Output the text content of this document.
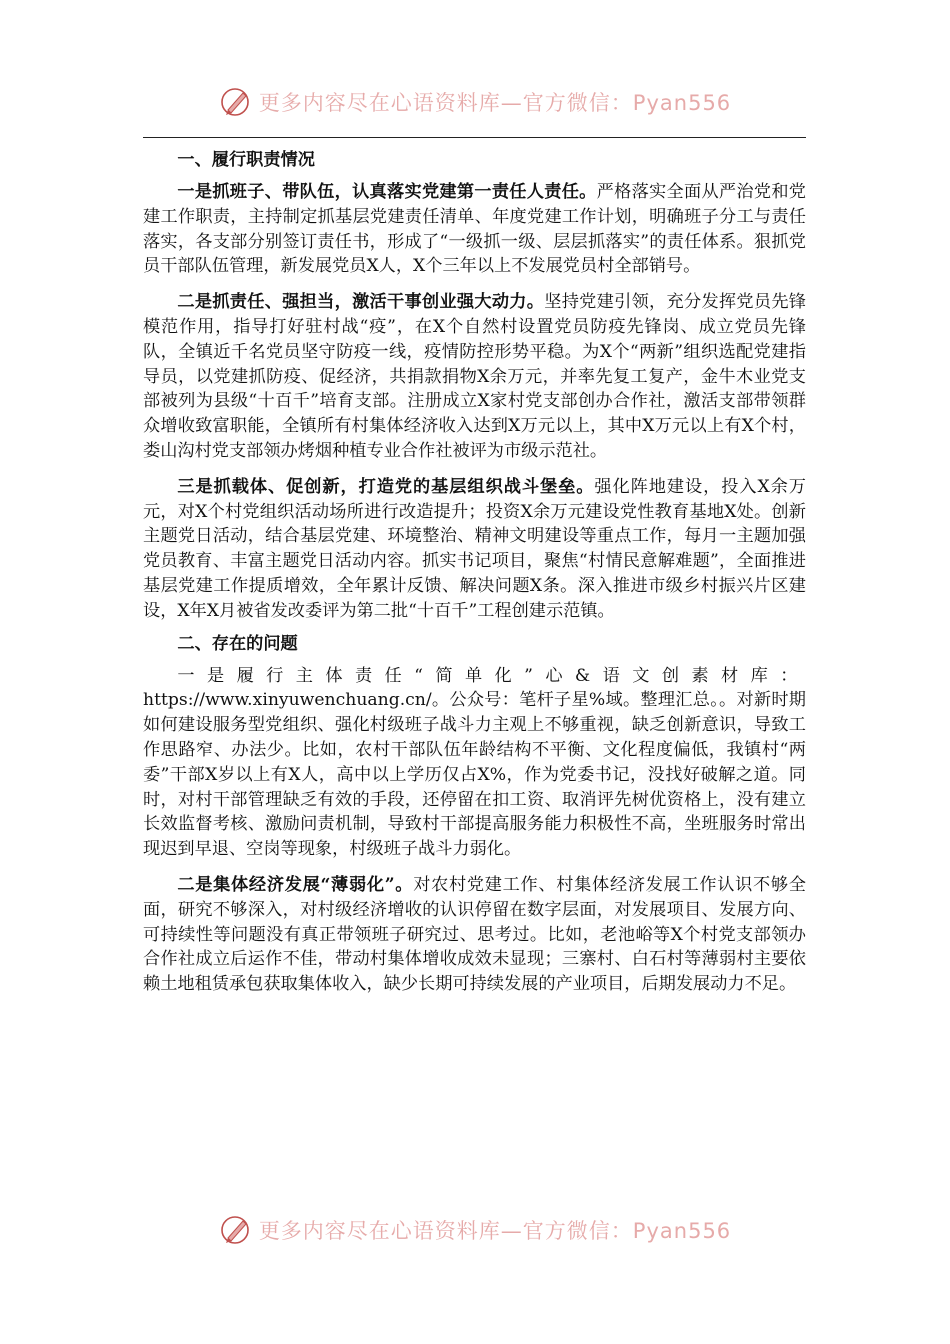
更多内容尽在心语资料库—官方微信：Pyan556
一、履行职责情况

一是抓班子、带队伍，认真落实党建第一责任人责任。严格落实全面从严治党和党建工作职责，主持制定抓基层党建责任清单、年度党建工作计划，明确班子分工与责任落实，各支部分别签订责任书，形成了“一级抓一级、层层抓落实”的责任体系。狠抓党员干部队伍管理，新发展党员X人，X个三年以上不发展党员村全部销号。

二是抓责任、强担当，激活干事创业强大动力。坚持党建引领，充分发挥党员先锋模范作用，指导打好驻村战“疫”，在X个自然村设置党员防疫先锋岗、成立党员先锋队，全镇近千名党员坚守防疫一线，疫情防控形势平稳。为X个“两新”组织选配党建指导员，以党建抓防疫、促经济，共捐款捐物X余万元，并率先复工复产，金牛木业党支部被列为县级“十百千”培育支部。注册成立X家村党支部创办合作社，激活支部带领群众增收致富职能，全镇所有村集体经济收入达到X万元以上，其中X万元以上有X个村，娄山沟村党支部领办烤烟种植专业合作社被评为市级示范社。

三是抓载体、促创新，打造党的基层组织战斗堡垒。强化阵地建设，投入X余万元，对X个村党组织活动场所进行改造提升；投资X余万元建设党性教育基地X处。创新主题党日活动，结合基层党建、环境整治、精神文明建设等重点工作，每月一主题加强党员教育、丰富主题党日活动内容。抓实书记项目，聚焦“村情民意解难题”，全面推进基层党建工作提质增效，全年累计反馈、解决问题X条。深入推进市级乡村振兴片区建设，X年X月被省发改委评为第二批“十百千”工程创建示范镇。

二、存在的问题

一是履行主体责任“简单化”心&语文创素材库：https://www.xinyuwenchuang.cn/。公众号：笔杆子星%域。整理汇总。。对新时期如何建设服务型党组织、强化村级班子战斗力主观上不够重视，缺乏创新意识，导致工作思路窄、办法少。比如，农村干部队伍年龄结构不平衡、文化程度偏低，我镇村“两委”干部X岁以上有X人，高中以上学历仅占X%，作为党委书记，没找好破解之道。同时，对村干部管理缺乏有效的手段，还停留在扣工资、取消评先树优资格上，没有建立长效监督考核、激励问责机制，导致村干部提高服务能力积极性不高，坐班服务时常出现迟到早退、空岗等现象，村级班子战斗力弱化。

二是集体经济发展“薄弱化”。对农村党建工作、村集体经济发展工作认识不够全面，研究不够深入，对村级经济增收的认识停留在数字层面，对发展项目、发展方向、可持续性等问题没有真正带领班子研究过、思考过。比如，老池峪等X个村党支部领办合作社成立后运作不佳，带动村集体增收成效未显现；三寨村、白石村等薄弱村主要依赖土地租赁承包获取集体收入，缺少长期可持续发展的产业项目，后期发展动力不足。

更多内容尽在心语资料库—官方微信：Pyan556
